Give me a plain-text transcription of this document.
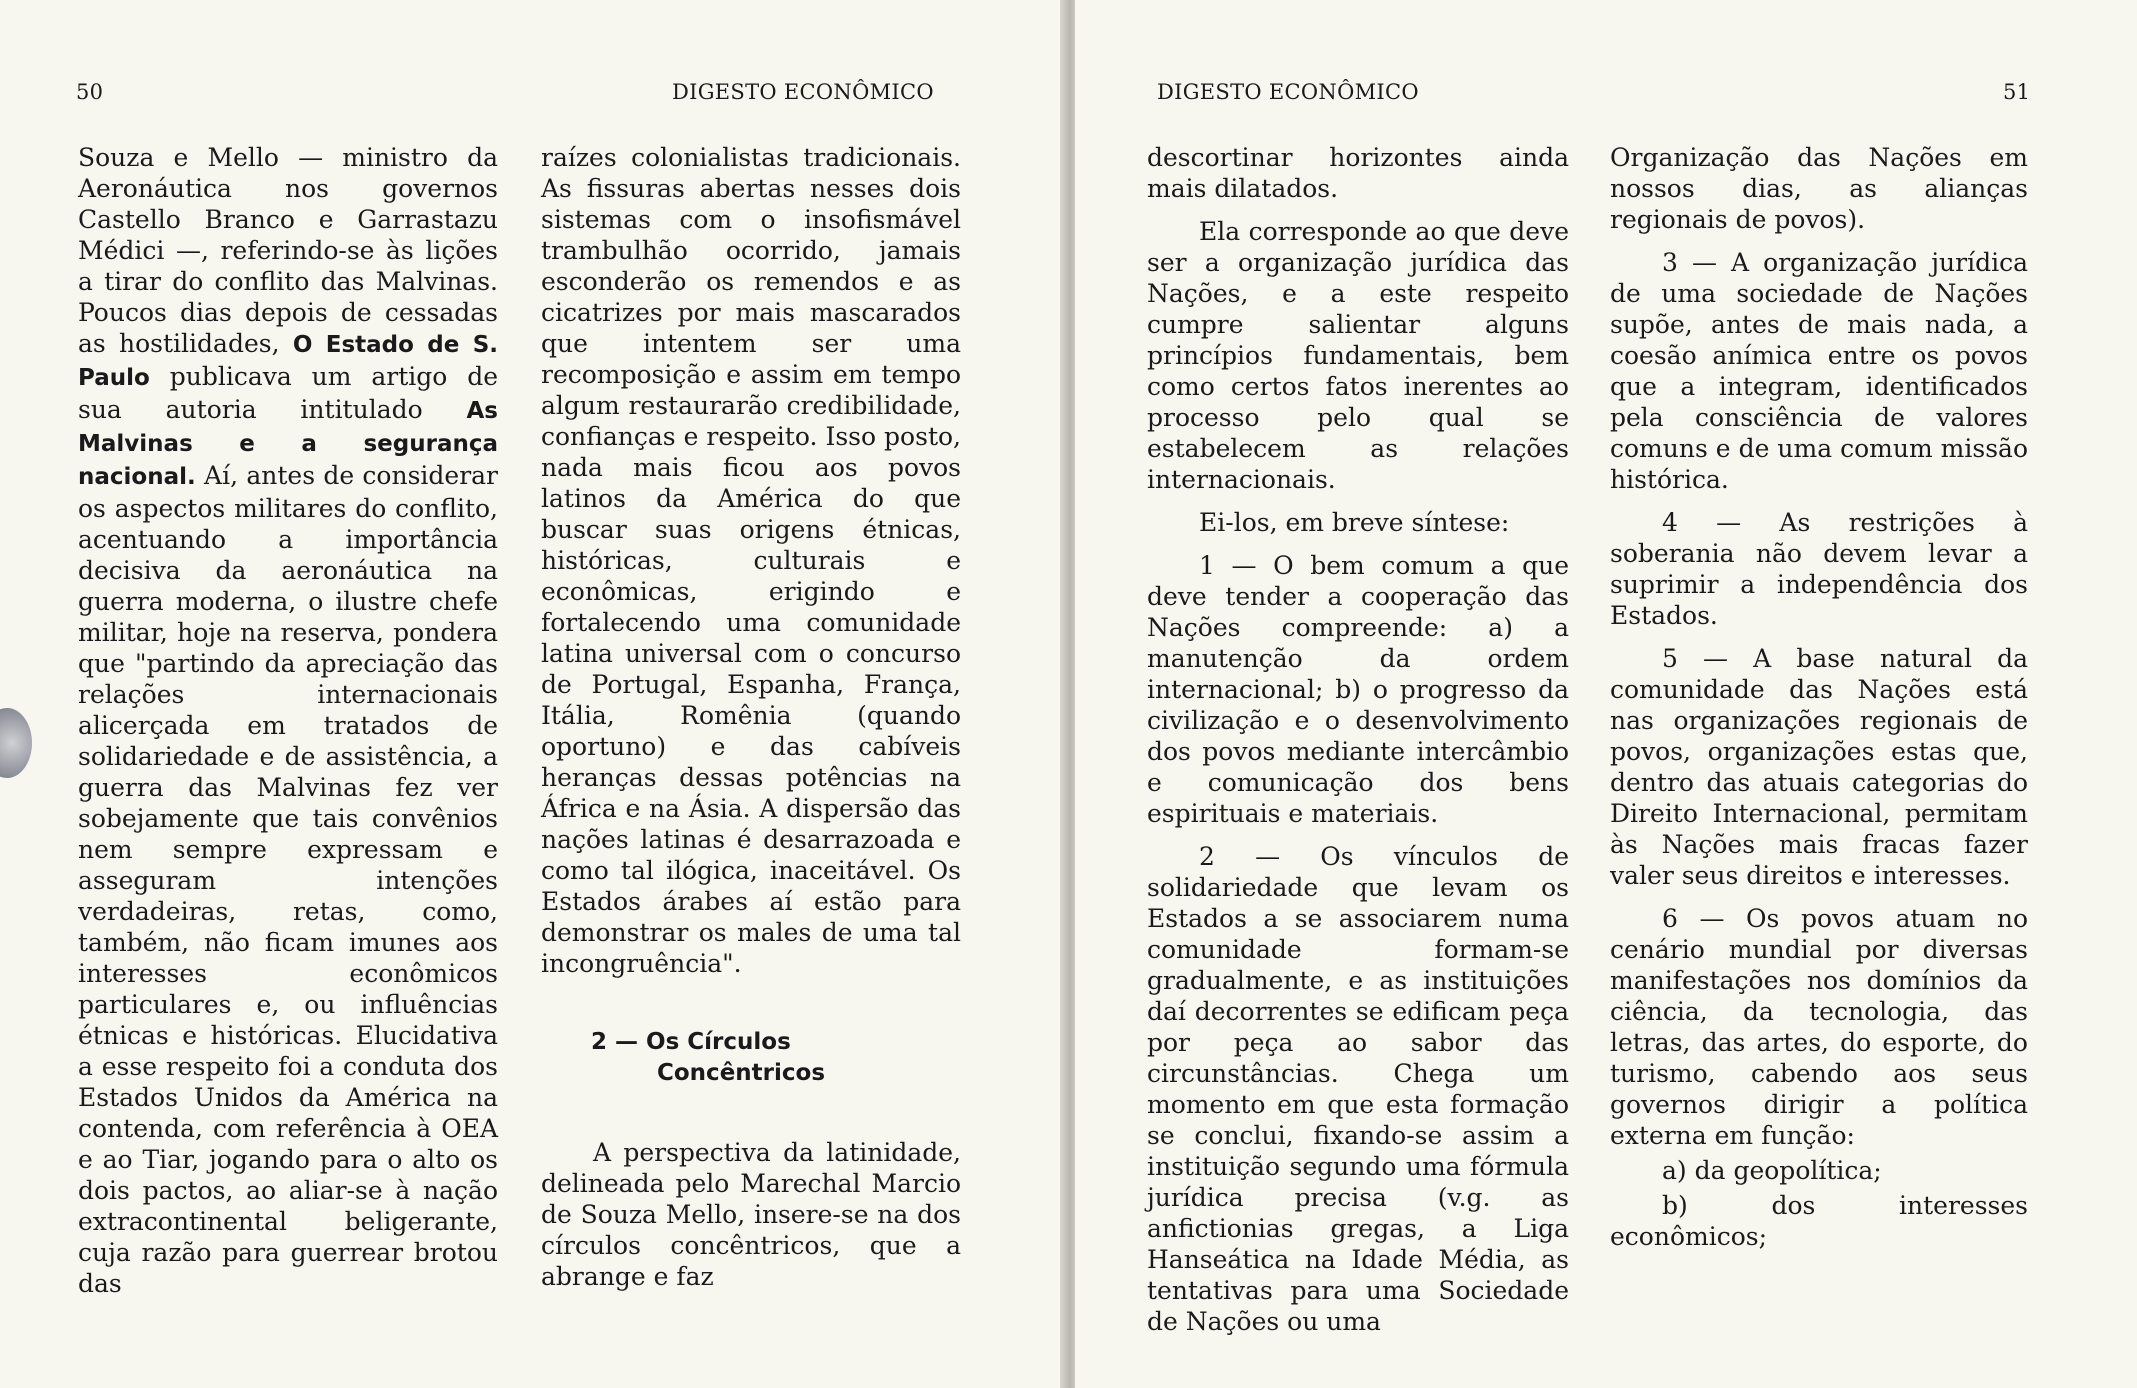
50	DIGESTO ECONÔMICO

Souza e Mello — ministro da Aeronáutica nos governos Castello Branco e Garrastazu Médici —, referindo-se às lições a tirar do conflito das Malvinas. Poucos dias depois de cessadas as hostilidades, O Estado de S. Paulo publicava um artigo de sua autoria intitulado As Malvinas e a segurança nacional. Aí, antes de considerar os aspectos militares do conflito, acentuando a importância decisiva da aeronáutica na guerra moderna, o ilustre chefe militar, hoje na reserva, pondera que "partindo da apreciação das relações internacionais alicerçada em tratados de solidariedade e de assistência, a guerra das Malvinas fez ver sobejamente que tais convênios nem sempre expressam e asseguram intenções verdadeiras, retas, como, também, não ficam imunes aos interesses econômicos particulares e, ou influências étnicas e históricas. Elucidativa a esse respeito foi a conduta dos Estados Unidos da América na contenda, com referência à OEA e ao Tiar, jogando para o alto os dois pactos, ao aliar-se à nação extracontinental beligerante, cuja razão para guerrear brotou das

raízes colonialistas tradicionais. As fissuras abertas nesses dois sistemas com o insofismável trambulhão ocorrido, jamais esconderão os remendos e as cicatrizes por mais mascarados que intentem ser uma recomposição e assim em tempo algum restaurarão credibilidade, confianças e respeito. Isso posto, nada mais ficou aos povos latinos da América do que buscar suas origens étnicas, históricas, culturais e econômicas, erigindo e fortalecendo uma comunidade latina universal com o concurso de Portugal, Espanha, França, Itália, Romênia (quando oportuno) e das cabíveis heranças dessas potências na África e na Ásia. A dispersão das nações latinas é desarrazoada e como tal ilógica, inaceitável. Os Estados árabes aí estão para demonstrar os males de uma tal incongruência".

2 — Os Círculos
Concêntricos

A perspectiva da latinidade, delineada pelo Marechal Marcio de Souza Mello, insere-se na dos círculos concêntricos, que a abrange e faz

DIGESTO ECONÔMICO	51

descortinar horizontes ainda mais dilatados.

Ela corresponde ao que deve ser a organização jurídica das Nações, e a este respeito cumpre salientar alguns princípios fundamentais, bem como certos fatos inerentes ao processo pelo qual se estabelecem as relações internacionais.

Ei-los, em breve síntese:

1 — O bem comum a que deve tender a cooperação das Nações compreende: a) a manutenção da ordem internacional; b) o progresso da civilização e o desenvolvimento dos povos mediante intercâmbio e comunicação dos bens espirituais e materiais.

2 — Os vínculos de solidariedade que levam os Estados a se associarem numa comunidade formam-se gradualmente, e as instituições daí decorrentes se edificam peça por peça ao sabor das circunstâncias. Chega um momento em que esta formação se conclui, fixando-se assim a instituição segundo uma fórmula jurídica precisa (v.g. as anfictionias gregas, a Liga Hanseática na Idade Média, as tentativas para uma Sociedade de Nações ou uma

Organização das Nações em nossos dias, as alianças regionais de povos).

3 — A organização jurídica de uma sociedade de Nações supõe, antes de mais nada, a coesão anímica entre os povos que a integram, identificados pela consciência de valores comuns e de uma comum missão histórica.

4 — As restrições à soberania não devem levar a suprimir a independência dos Estados.

5 — A base natural da comunidade das Nações está nas organizações regionais de povos, organizações estas que, dentro das atuais categorias do Direito Internacional, permitam às Nações mais fracas fazer valer seus direitos e interesses.

6 — Os povos atuam no cenário mundial por diversas manifestações nos domínios da ciência, da tecnologia, das letras, das artes, do esporte, do turismo, cabendo aos seus governos dirigir a política externa em função:

a) da geopolítica;

b) dos interesses econômicos;
